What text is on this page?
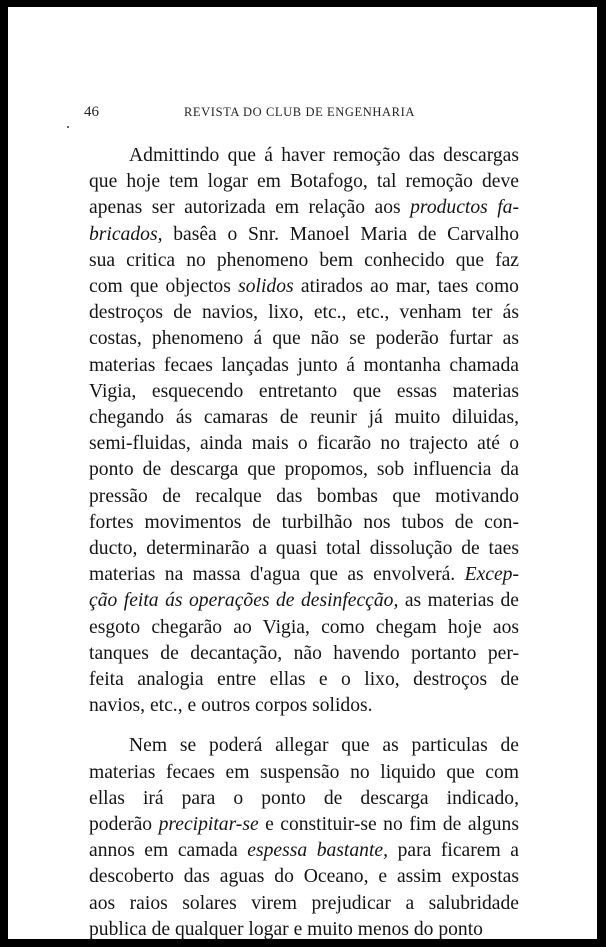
46	REVISTA DO CLUB DE ENGENHARIA
Admittindo que á haver remoção das descargas
que hoje tem logar em Botafogo, tal remoção deve
apenas ser autorizada em relação aos productos fa-
bricados, basêa o Snr. Manoel Maria de Carvalho
sua critica no phenomeno bem conhecido que faz
com que objectos solidos atirados ao mar, taes como
destroços de navios, lixo, etc., etc., venham ter ás
costas, phenomeno á que não se poderão furtar as
materias fecaes lançadas junto á montanha chamada
Vigia, esquecendo entretanto que essas materias
chegando ás camaras de reunir já muito diluidas,
semi-fluidas, ainda mais o ficarão no trajecto até o
ponto de descarga que propomos, sob influencia da
pressão de recalque das bombas que motivando
fortes movimentos de turbilhão nos tubos de con-
ducto, determinarão a quasi total dissolução de taes
materias na massa d'agua que as envolverá. Excep-
ção feita ás operações de desinfecção, as materias de
esgoto chegarão ao Vigia, como chegam hoje aos
tanques de decantação, não havendo portanto per-
feita analogia entre ellas e o lixo, destroços de
navios, etc., e outros corpos solidos.
Nem se poderá allegar que as particulas de
materias fecaes em suspensão no liquido que com
ellas irá para o ponto de descarga indicado,
poderão precipitar-se e constituir-se no fim de alguns
annos em camada espessa bastante, para ficarem a
descoberto das aguas do Oceano, e assim expostas
aos raios solares virem prejudicar a salubridade
publica de qualquer logar e muito menos do ponto
